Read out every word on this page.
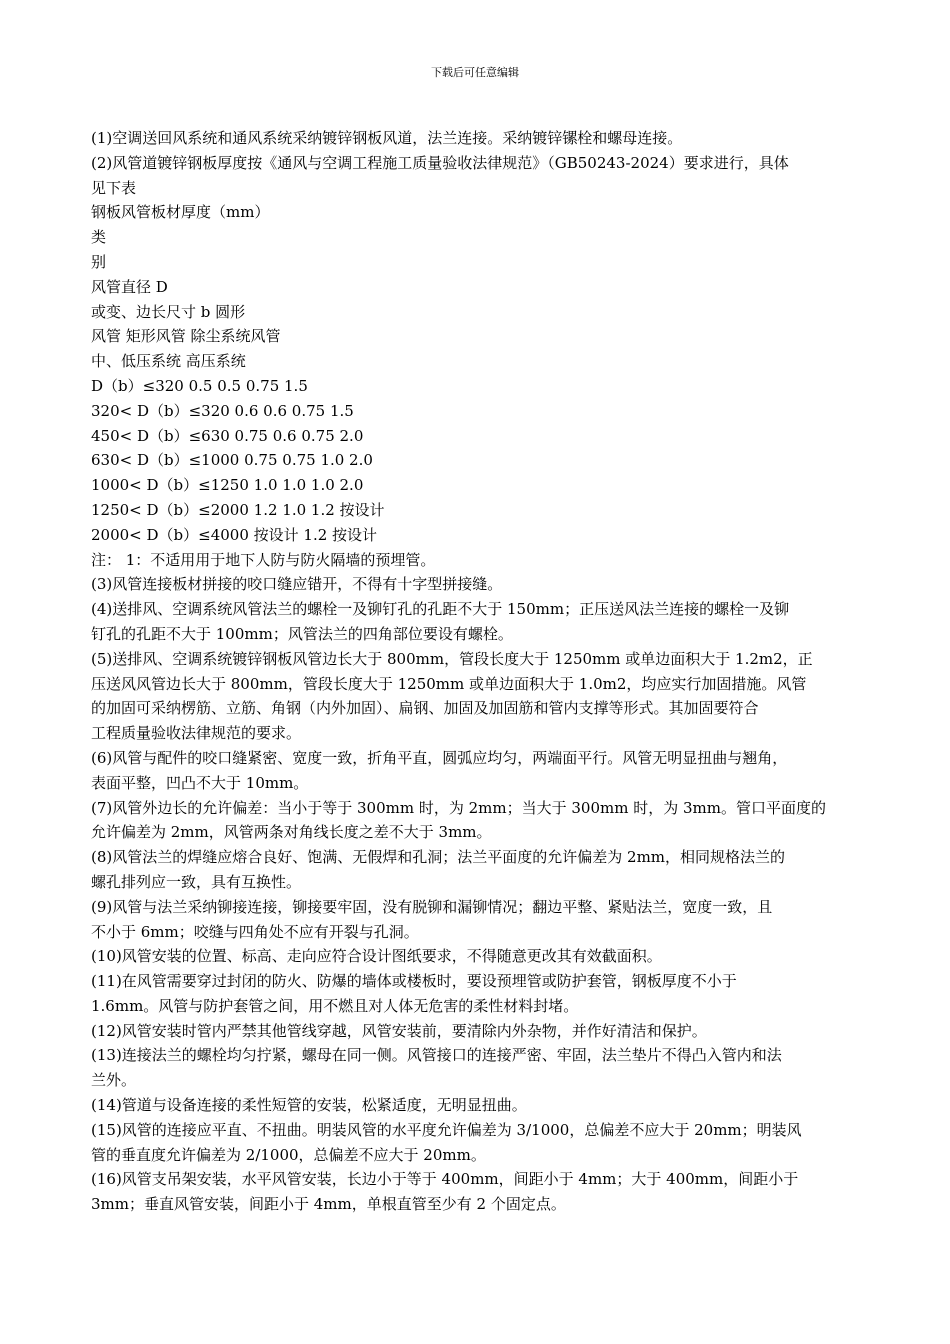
下载后可任意编辑
(1)空调送回风系统和通风系统采纳镀锌钢板风道，法兰连接。采纳镀锌镙栓和螺母连接。
(2)风管道镀锌钢板厚度按《通风与空调工程施工质量验收法律规范》（GB50243-2024）要求进行，具体
见下表
钢板风管板材厚度（mm）
类
别
风管直径 D
或变、边长尺寸 b 圆形
风管 矩形风管 除尘系统风管
中、低压系统 高压系统
D（b）≤320 0.5 0.5 0.75 1.5
320< D（b）≤320 0.6 0.6 0.75 1.5
450< D（b）≤630 0.75 0.6 0.75 2.0
630< D（b）≤1000 0.75 0.75 1.0 2.0
1000< D（b）≤1250 1.0 1.0 1.0 2.0
1250< D（b）≤2000 1.2 1.0 1.2 按设计
2000< D（b）≤4000 按设计 1.2 按设计
注： 1：不适用用于地下人防与防火隔墙的预埋管。
(3)风管连接板材拼接的咬口缝应错开，不得有十字型拼接缝。
(4)送排风、空调系统风管法兰的螺栓一及铆钉孔的孔距不大于 150mm；正压送风法兰连接的螺栓一及铆
钉孔的孔距不大于 100mm；风管法兰的四角部位要设有螺栓。
(5)送排风、空调系统镀锌钢板风管边长大于 800mm，管段长度大于 1250mm 或单边面积大于 1.2m2，正
压送风风管边长大于 800mm，管段长度大于 1250mm 或单边面积大于 1.0m2，均应实行加固措施。风管
的加固可采纳楞筋、立筋、角钢（内外加固）、扁钢、加固及加固筋和管内支撑等形式。其加固要符合
工程质量验收法律规范的要求。
(6)风管与配件的咬口缝紧密、宽度一致，折角平直，圆弧应均匀，两端面平行。风管无明显扭曲与翘角，
表面平整，凹凸不大于 10mm。
(7)风管外边长的允许偏差：当小于等于 300mm 时，为 2mm；当大于 300mm 时，为 3mm。管口平面度的
允许偏差为 2mm，风管两条对角线长度之差不大于 3mm。
(8)风管法兰的焊缝应熔合良好、饱满、无假焊和孔洞；法兰平面度的允许偏差为 2mm，相同规格法兰的
螺孔排列应一致，具有互换性。
(9)风管与法兰采纳铆接连接，铆接要牢固，没有脱铆和漏铆情况；翻边平整、紧贴法兰，宽度一致，且
不小于 6mm；咬缝与四角处不应有开裂与孔洞。
(10)风管安装的位置、标高、走向应符合设计图纸要求，不得随意更改其有效截面积。
(11)在风管需要穿过封闭的防火、防爆的墙体或楼板时，要设预埋管或防护套管，钢板厚度不小于
1.6mm。风管与防护套管之间，用不燃且对人体无危害的柔性材料封堵。
(12)风管安装时管内严禁其他管线穿越，风管安装前，要清除内外杂物，并作好清洁和保护。
(13)连接法兰的螺栓均匀拧紧，螺母在同一侧。风管接口的连接严密、牢固，法兰垫片不得凸入管内和法
兰外。
(14)管道与设备连接的柔性短管的安装，松紧适度，无明显扭曲。
(15)风管的连接应平直、不扭曲。明装风管的水平度允许偏差为 3/1000，总偏差不应大于 20mm；明装风
管的垂直度允许偏差为 2/1000，总偏差不应大于 20mm。
(16)风管支吊架安装，水平风管安装，长边小于等于 400mm，间距小于 4mm；大于 400mm，间距小于
3mm；垂直风管安装，间距小于 4mm，单根直管至少有 2 个固定点。
